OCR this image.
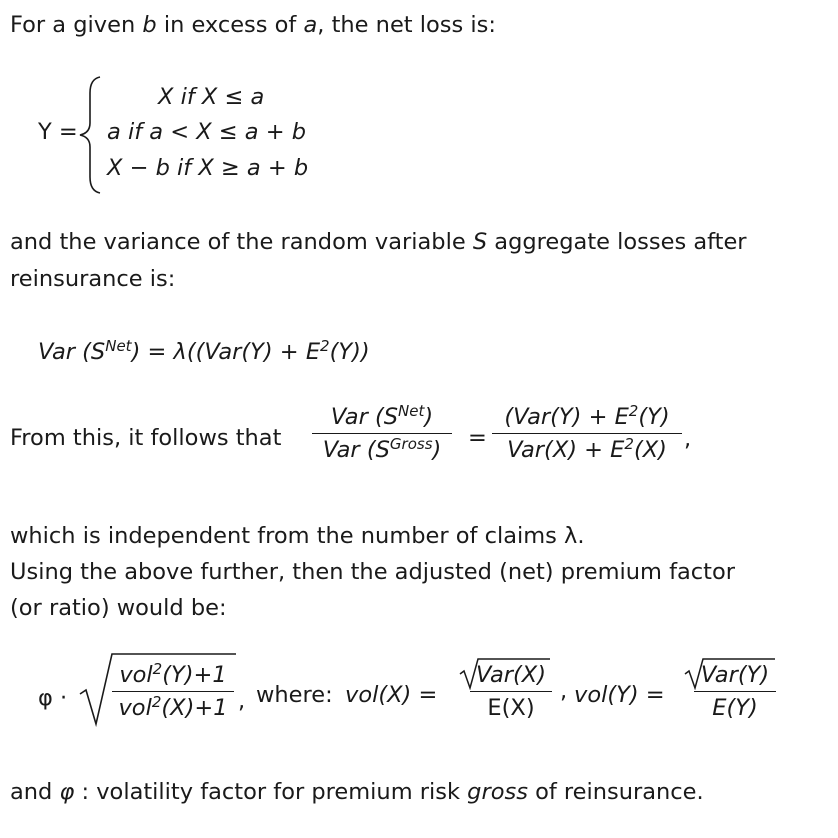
For a given b in excess of a, the net loss is:
Y =
X if X ≤ a
a if a < X ≤ a + b
X − b if X ≥ a + b
and the variance of the random variable S aggregate losses after
reinsurance is:
Var $(S^{Net}) = \lambda((Var(Y) + E^2(Y))$
From this, it follows that
Var $(S^{Net})$
Var $(S^{Gross})$	=
($Var(Y) + E^2(Y)$
$Var(X) + E^2(X)$ ,
which is independent from the number of claims λ.
Using the above further, then the adjusted (net) premium factor
(or ratio) would be:
φ ·
vol$^2$(Y)+1
vol$^2$(X)+1 , where: vol(X) =
Var(X)
E(X)
, vol(Y) =
Var(Y)
E(Y)
and φ : volatility factor for premium risk gross of reinsurance.
